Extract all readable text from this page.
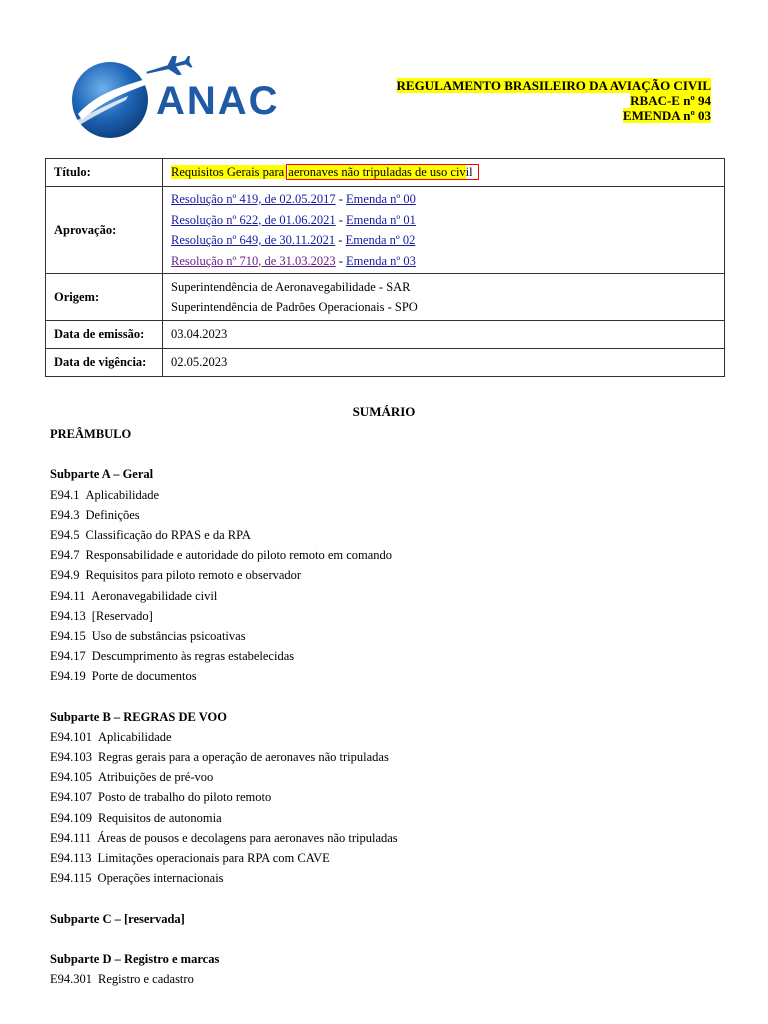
ANAC	REGULAMENTO BRASILEIRO DA AVIAÇÃO CIVIL
RBAC-E nº 94
EMENDA nº 03
Título:	Requisitos Gerais para aeronaves não tripuladas de uso civil
Aprovação:	Resolução nº 419, de 02.05.2017 - Emenda nº 00
Resolução nº 622, de 01.06.2021 - Emenda nº 01
Resolução nº 649, de 30.11.2021 - Emenda nº 02
Resolução nº 710, de 31.03.2023 - Emenda nº 03

Origem:	Superintendência de Aeronavegabilidade - SAR
Superintendência de Padrões Operacionais - SPO

Data de emissão:	03.04.2023
Data de vigência:	02.05.2023
SUMÁRIO
PREÂMBULO
Subparte A – Geral
E94.1 Aplicabilidade
E94.3 Definições
E94.5 Classificação do RPAS e da RPA
E94.7 Responsabilidade e autoridade do piloto remoto em comando
E94.9 Requisitos para piloto remoto e observador
E94.11 Aeronavegabilidade civil
E94.13 [Reservado]
E94.15 Uso de substâncias psicoativas
E94.17 Descumprimento às regras estabelecidas
E94.19 Porte de documentos
Subparte B – REGRAS DE VOO
E94.101 Aplicabilidade
E94.103 Regras gerais para a operação de aeronaves não tripuladas
E94.105 Atribuições de pré-voo
E94.107 Posto de trabalho do piloto remoto
E94.109 Requisitos de autonomia
E94.111 Áreas de pousos e decolagens para aeronaves não tripuladas
E94.113 Limitações operacionais para RPA com CAVE
E94.115 Operações internacionais
Subparte C – [reservada]
Subparte D – Registro e marcas
E94.301 Registro e cadastro
